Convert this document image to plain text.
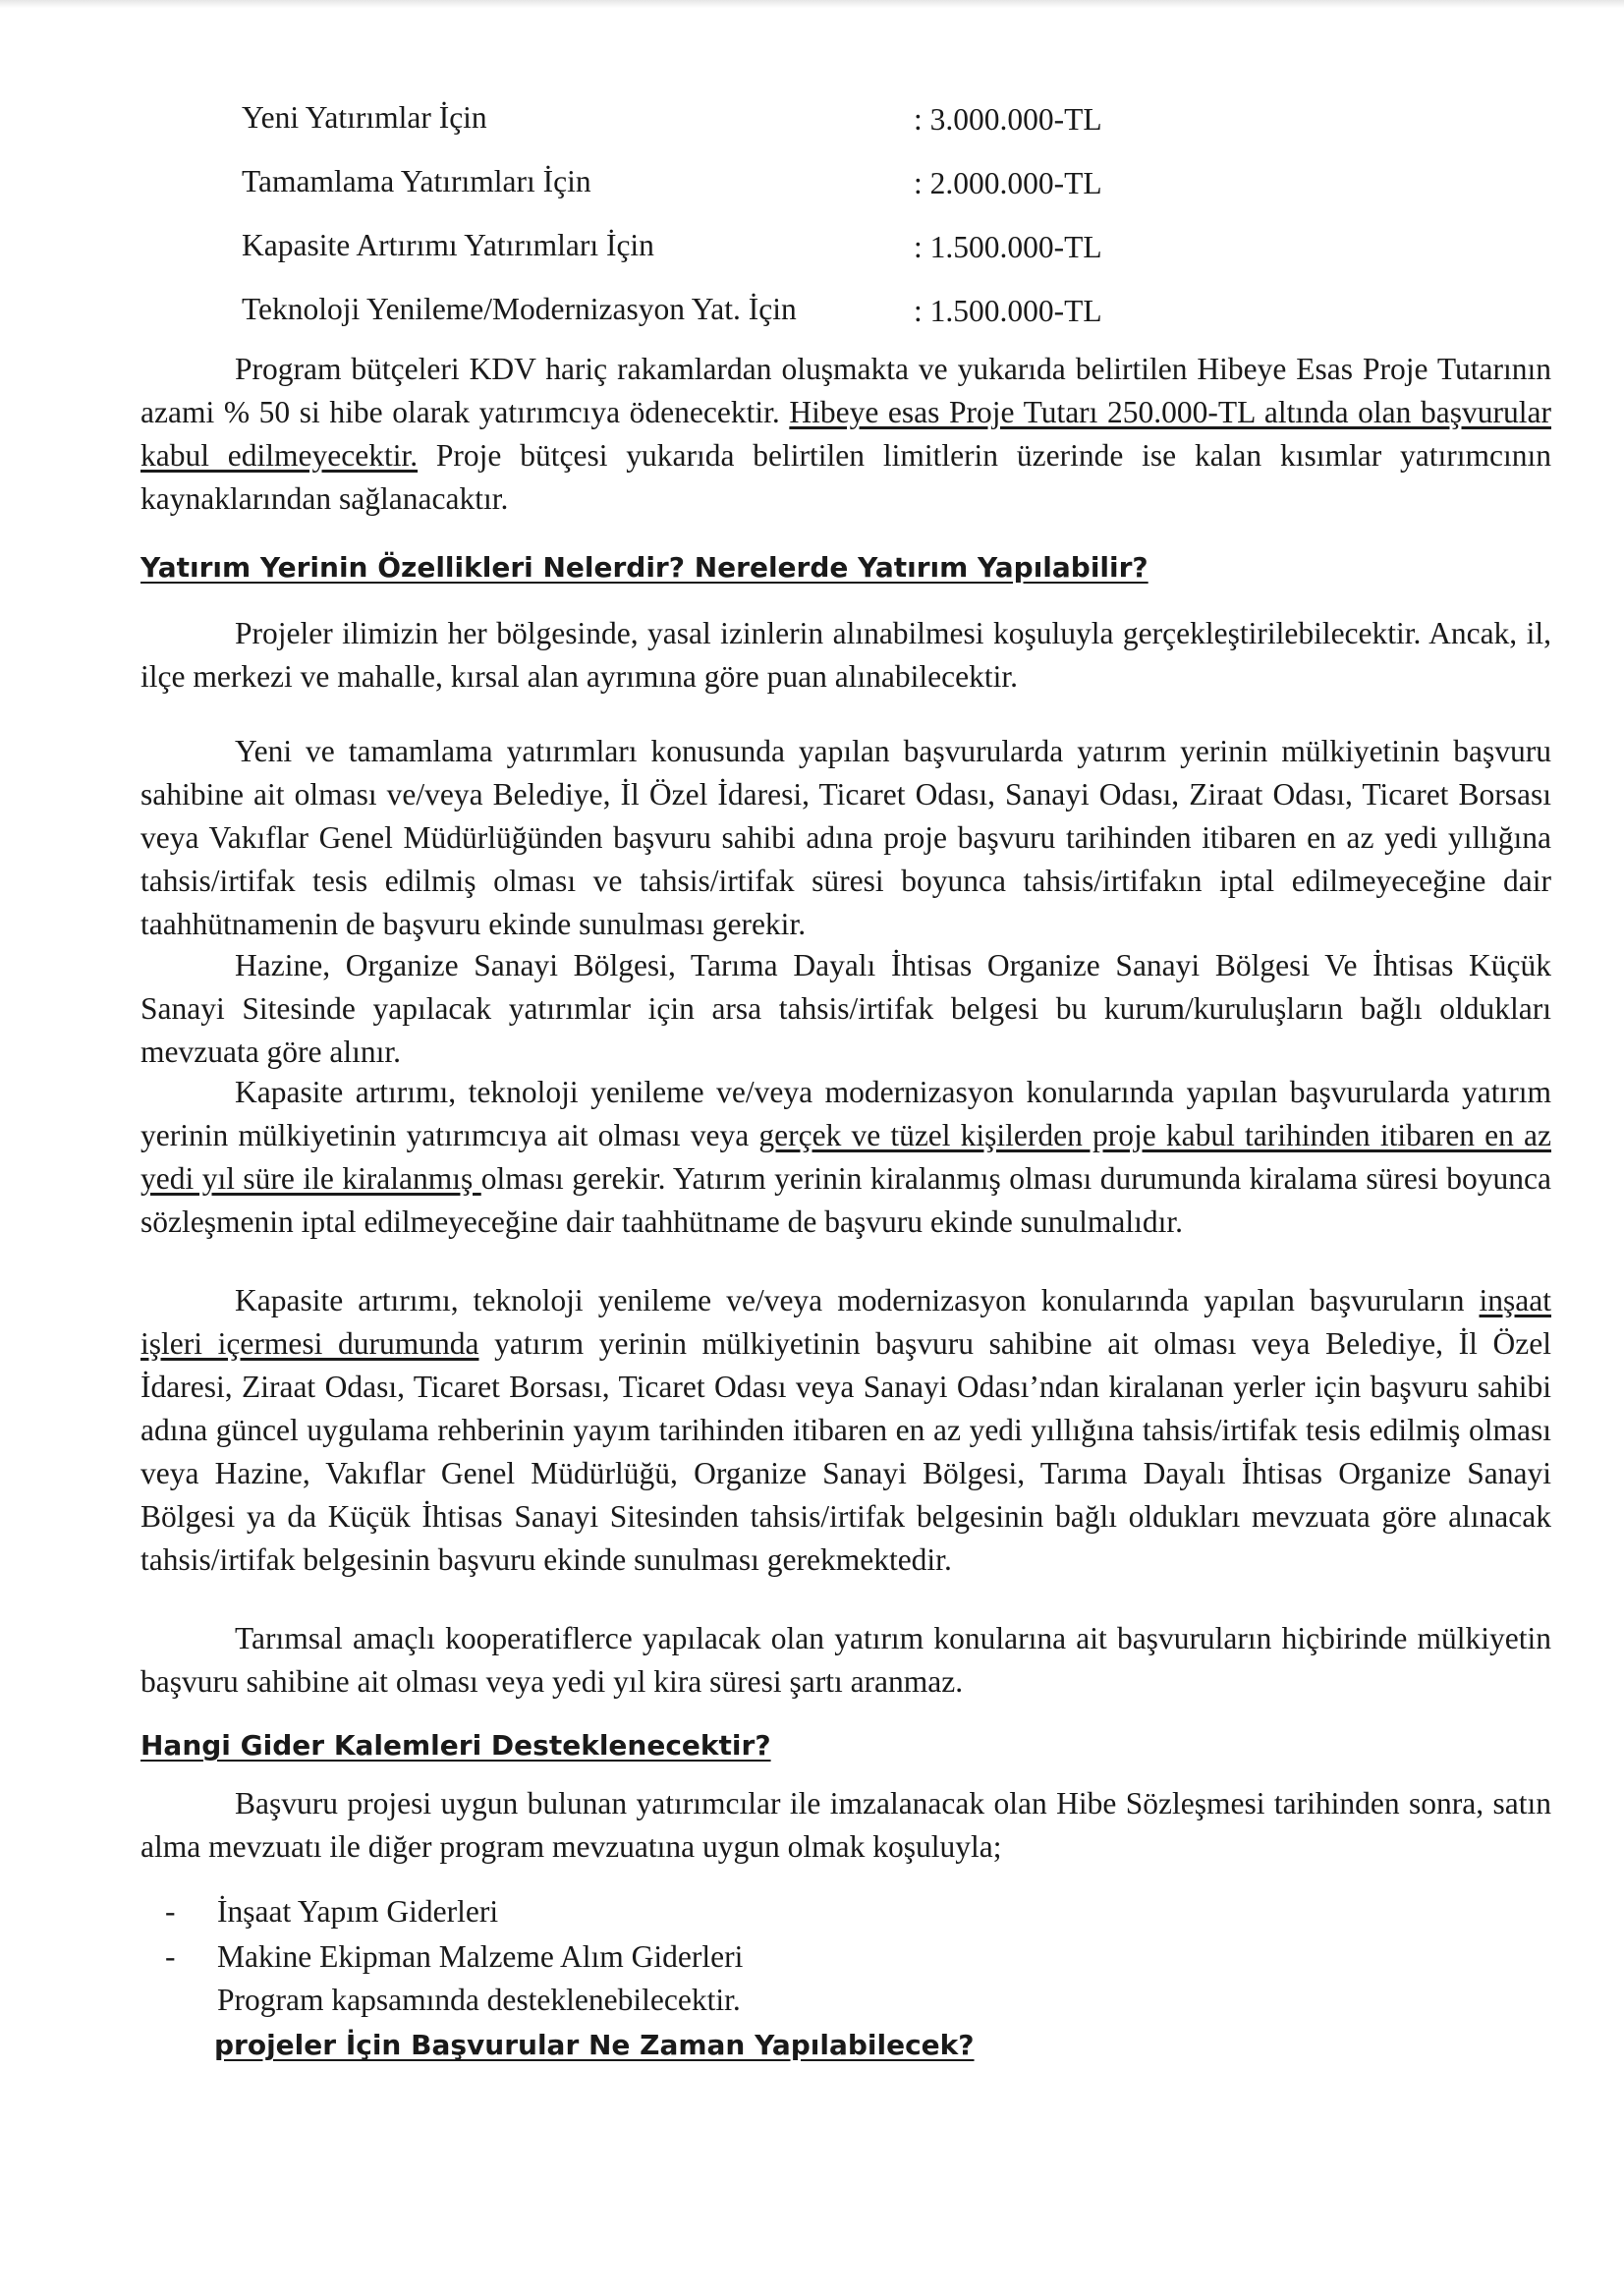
Yeni Yatırımlar İçin	: 3.000.000-TL
Tamamlama Yatırımları İçin	: 2.000.000-TL
Kapasite Artırımı Yatırımları İçin	: 1.500.000-TL
Teknoloji Yenileme/Modernizasyon Yat. İçin	: 1.500.000-TL

Program bütçeleri KDV hariç rakamlardan oluşmakta ve yukarıda belirtilen Hibeye Esas Proje Tutarının azami % 50 si hibe olarak yatırımcıya ödenecektir. Hibeye esas Proje Tutarı 250.000-TL altında olan başvurular kabul edilmeyecektir. Proje bütçesi yukarıda belirtilen limitlerin üzerinde ise kalan kısımlar yatırımcının kaynaklarından sağlanacaktır.

Yatırım Yerinin Özellikleri Nelerdir? Nerelerde Yatırım Yapılabilir?

Projeler ilimizin her bölgesinde, yasal izinlerin alınabilmesi koşuluyla gerçekleştirilebilecektir. Ancak, il, ilçe merkezi ve mahalle, kırsal alan ayrımına göre puan alınabilecektir.

Yeni ve tamamlama yatırımları konusunda yapılan başvurularda yatırım yerinin mülkiyetinin başvuru sahibine ait olması ve/veya Belediye, İl Özel İdaresi, Ticaret Odası, Sanayi Odası, Ziraat Odası, Ticaret Borsası veya Vakıflar Genel Müdürlüğünden başvuru sahibi adına proje başvuru tarihinden itibaren en az yedi yıllığına tahsis/irtifak tesis edilmiş olması ve tahsis/irtifak süresi boyunca tahsis/irtifakın iptal edilmeyeceğine dair taahhütnamenin de başvuru ekinde sunulması gerekir.

Hazine, Organize Sanayi Bölgesi, Tarıma Dayalı İhtisas Organize Sanayi Bölgesi Ve İhtisas Küçük Sanayi Sitesinde yapılacak yatırımlar için arsa tahsis/irtifak belgesi bu kurum/kuruluşların bağlı oldukları mevzuata göre alınır.

Kapasite artırımı, teknoloji yenileme ve/veya modernizasyon konularında yapılan başvurularda yatırım yerinin mülkiyetinin yatırımcıya ait olması veya gerçek ve tüzel kişilerden proje kabul tarihinden itibaren en az yedi yıl süre ile kiralanmış olması gerekir. Yatırım yerinin kiralanmış olması durumunda kiralama süresi boyunca sözleşmenin iptal edilmeyeceğine dair taahhütname de başvuru ekinde sunulmalıdır.

Kapasite artırımı, teknoloji yenileme ve/veya modernizasyon konularında yapılan başvuruların inşaat işleri içermesi durumunda yatırım yerinin mülkiyetinin başvuru sahibine ait olması veya Belediye, İl Özel İdaresi, Ziraat Odası, Ticaret Borsası, Ticaret Odası veya Sanayi Odası’ndan kiralanan yerler için başvuru sahibi adına güncel uygulama rehberinin yayım tarihinden itibaren en az yedi yıllığına tahsis/irtifak tesis edilmiş olması veya Hazine, Vakıflar Genel Müdürlüğü, Organize Sanayi Bölgesi, Tarıma Dayalı İhtisas Organize Sanayi Bölgesi ya da Küçük İhtisas Sanayi Sitesinden tahsis/irtifak belgesinin bağlı oldukları mevzuata göre alınacak tahsis/irtifak belgesinin başvuru ekinde sunulması gerekmektedir.

Tarımsal amaçlı kooperatiflerce yapılacak olan yatırım konularına ait başvuruların hiçbirinde mülkiyetin başvuru sahibine ait olması veya yedi yıl kira süresi şartı aranmaz.

Hangi Gider Kalemleri Desteklenecektir?

Başvuru projesi uygun bulunan yatırımcılar ile imzalanacak olan Hibe Sözleşmesi tarihinden sonra, satın alma mevzuatı ile diğer program mevzuatına uygun olmak koşuluyla;

- İnşaat Yapım Giderleri
- Makine Ekipman Malzeme Alım Giderleri
Program kapsamında desteklenebilecektir.
projeler İçin Başvurular Ne Zaman Yapılabilecek?
